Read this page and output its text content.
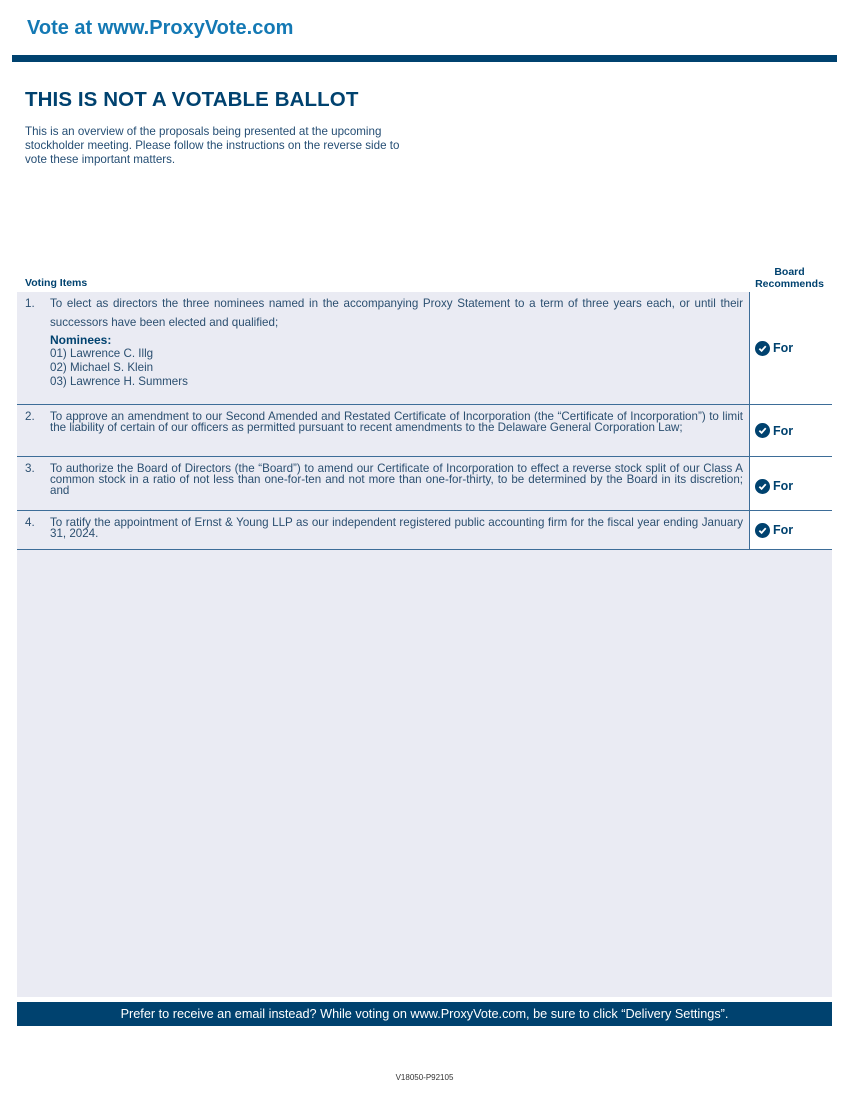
Vote at www.ProxyVote.com
THIS IS NOT A VOTABLE BALLOT
This is an overview of the proposals being presented at the upcoming stockholder meeting. Please follow the instructions on the reverse side to vote these important matters.
Voting Items
Board
Recommends
1. To elect as directors the three nominees named in the accompanying Proxy Statement to a term of three years each, or until their successors have been elected and qualified;
Nominees:
01) Lawrence C. Illg
02) Michael S. Klein
03) Lawrence H. Summers
For
2. To approve an amendment to our Second Amended and Restated Certificate of Incorporation (the “Certificate of Incorporation”) to limit the liability of certain of our officers as permitted pursuant to recent amendments to the Delaware General Corporation Law;	For
3. To authorize the Board of Directors (the “Board”) to amend our Certificate of Incorporation to effect a reverse stock split of our Class A common stock in a ratio of not less than one-for-ten and not more than one-for-thirty, to be determined by the Board in its discretion; and	For
4. To ratify the appointment of Ernst & Young LLP as our independent registered public accounting firm for the fiscal year ending January 31, 2024.	For
Prefer to receive an email instead? While voting on www.ProxyVote.com, be sure to click “Delivery Settings”.
V18050-P92105
